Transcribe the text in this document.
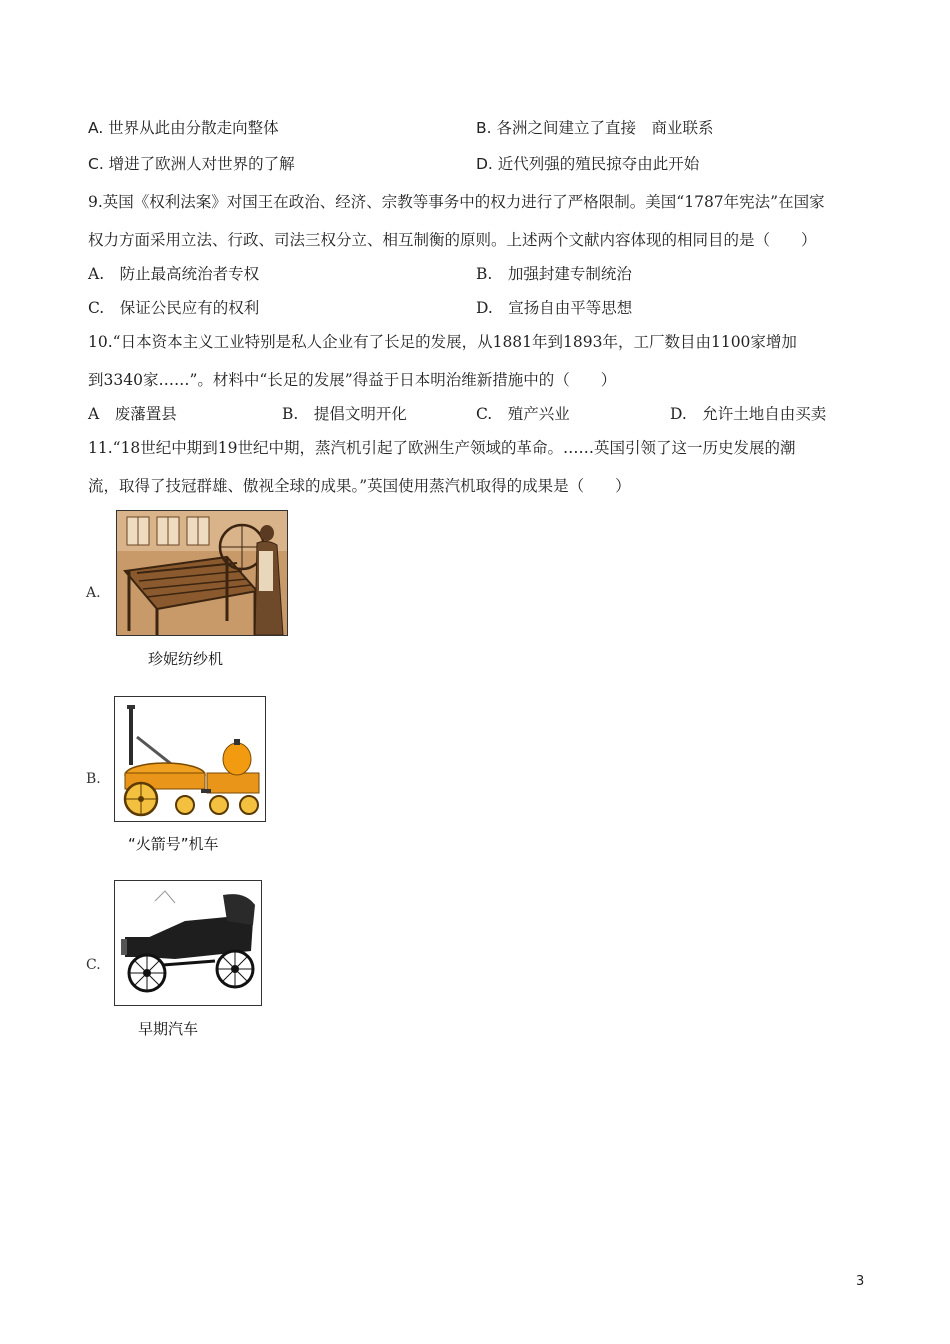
A. 世界从此由分散走向整体	B. 各洲之间建立了直接　商业联系
C. 增进了欧洲人对世界的了解	D. 近代列强的殖民掠夺由此开始
9.英国《权利法案》对国王在政治、经济、宗教等事务中的权力进行了严格限制。美国“1787年宪法”在国家
权力方面采用立法、行政、司法三权分立、相互制衡的原则。上述两个文献内容体现的相同目的是（　　）
A.　防止最高统治者专权	B.　加强封建专制统治
C.　保证公民应有的权利	D.　宣扬自由平等思想
10.“日本资本主义工业特别是私人企业有了长足的发展，从1881年到1893年，工厂数目由1100家增加
到3340家……”。材料中“长足的发展”得益于日本明治维新措施中的（　　）
A　废藩置县	B.　提倡文明开化	C.　殖产兴业	D.　允许土地自由买卖
11.“18世纪中期到19世纪中期，蒸汽机引起了欧洲生产领域的革命。……英国引领了这一历史发展的潮
流，取得了技冠群雄、傲视全球的成果。”英国使用蒸汽机取得的成果是（　　）
A.
珍妮纺纱机
B.
“火箭号”机车
C.
早期汽车
3
